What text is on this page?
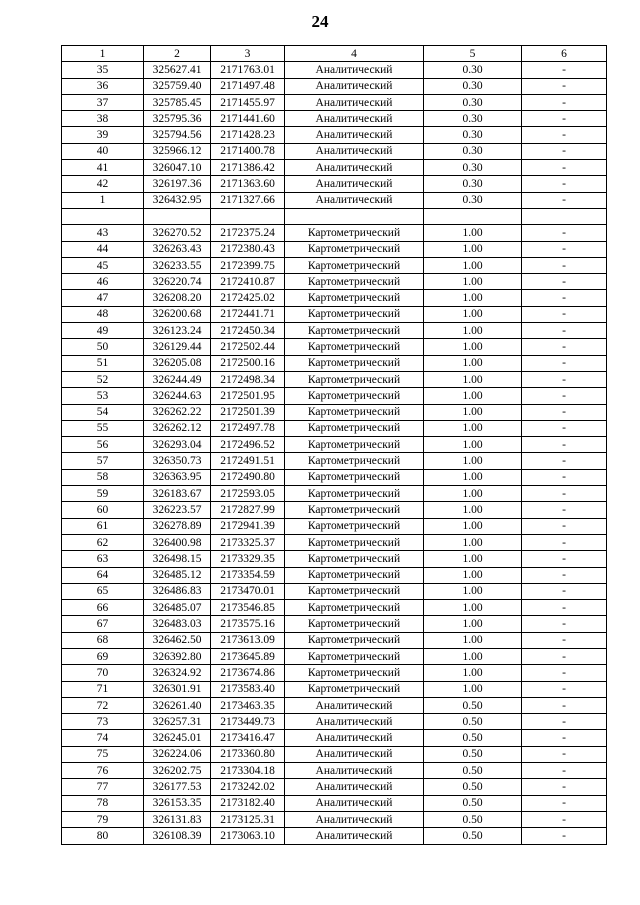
24
1	2	3	4	5	6
35	325627.41	2171763.01	Аналитический	0.30	-
36	325759.40	2171497.48	Аналитический	0.30	-
37	325785.45	2171455.97	Аналитический	0.30	-
38	325795.36	2171441.60	Аналитический	0.30	-
39	325794.56	2171428.23	Аналитический	0.30	-
40	325966.12	2171400.78	Аналитический	0.30	-
41	326047.10	2171386.42	Аналитический	0.30	-
42	326197.36	2171363.60	Аналитический	0.30	-
1	326432.95	2171327.66	Аналитический	0.30	-

43	326270.52	2172375.24	Картометрический	1.00	-
44	326263.43	2172380.43	Картометрический	1.00	-
45	326233.55	2172399.75	Картометрический	1.00	-
46	326220.74	2172410.87	Картометрический	1.00	-
47	326208.20	2172425.02	Картометрический	1.00	-
48	326200.68	2172441.71	Картометрический	1.00	-
49	326123.24	2172450.34	Картометрический	1.00	-
50	326129.44	2172502.44	Картометрический	1.00	-
51	326205.08	2172500.16	Картометрический	1.00	-
52	326244.49	2172498.34	Картометрический	1.00	-
53	326244.63	2172501.95	Картометрический	1.00	-
54	326262.22	2172501.39	Картометрический	1.00	-
55	326262.12	2172497.78	Картометрический	1.00	-
56	326293.04	2172496.52	Картометрический	1.00	-
57	326350.73	2172491.51	Картометрический	1.00	-
58	326363.95	2172490.80	Картометрический	1.00	-
59	326183.67	2172593.05	Картометрический	1.00	-
60	326223.57	2172827.99	Картометрический	1.00	-
61	326278.89	2172941.39	Картометрический	1.00	-
62	326400.98	2173325.37	Картометрический	1.00	-
63	326498.15	2173329.35	Картометрический	1.00	-
64	326485.12	2173354.59	Картометрический	1.00	-
65	326486.83	2173470.01	Картометрический	1.00	-
66	326485.07	2173546.85	Картометрический	1.00	-
67	326483.03	2173575.16	Картометрический	1.00	-
68	326462.50	2173613.09	Картометрический	1.00	-
69	326392.80	2173645.89	Картометрический	1.00	-
70	326324.92	2173674.86	Картометрический	1.00	-
71	326301.91	2173583.40	Картометрический	1.00	-
72	326261.40	2173463.35	Аналитический	0.50	-
73	326257.31	2173449.73	Аналитический	0.50	-
74	326245.01	2173416.47	Аналитический	0.50	-
75	326224.06	2173360.80	Аналитический	0.50	-
76	326202.75	2173304.18	Аналитический	0.50	-
77	326177.53	2173242.02	Аналитический	0.50	-
78	326153.35	2173182.40	Аналитический	0.50	-
79	326131.83	2173125.31	Аналитический	0.50	-
80	326108.39	2173063.10	Аналитический	0.50	-
